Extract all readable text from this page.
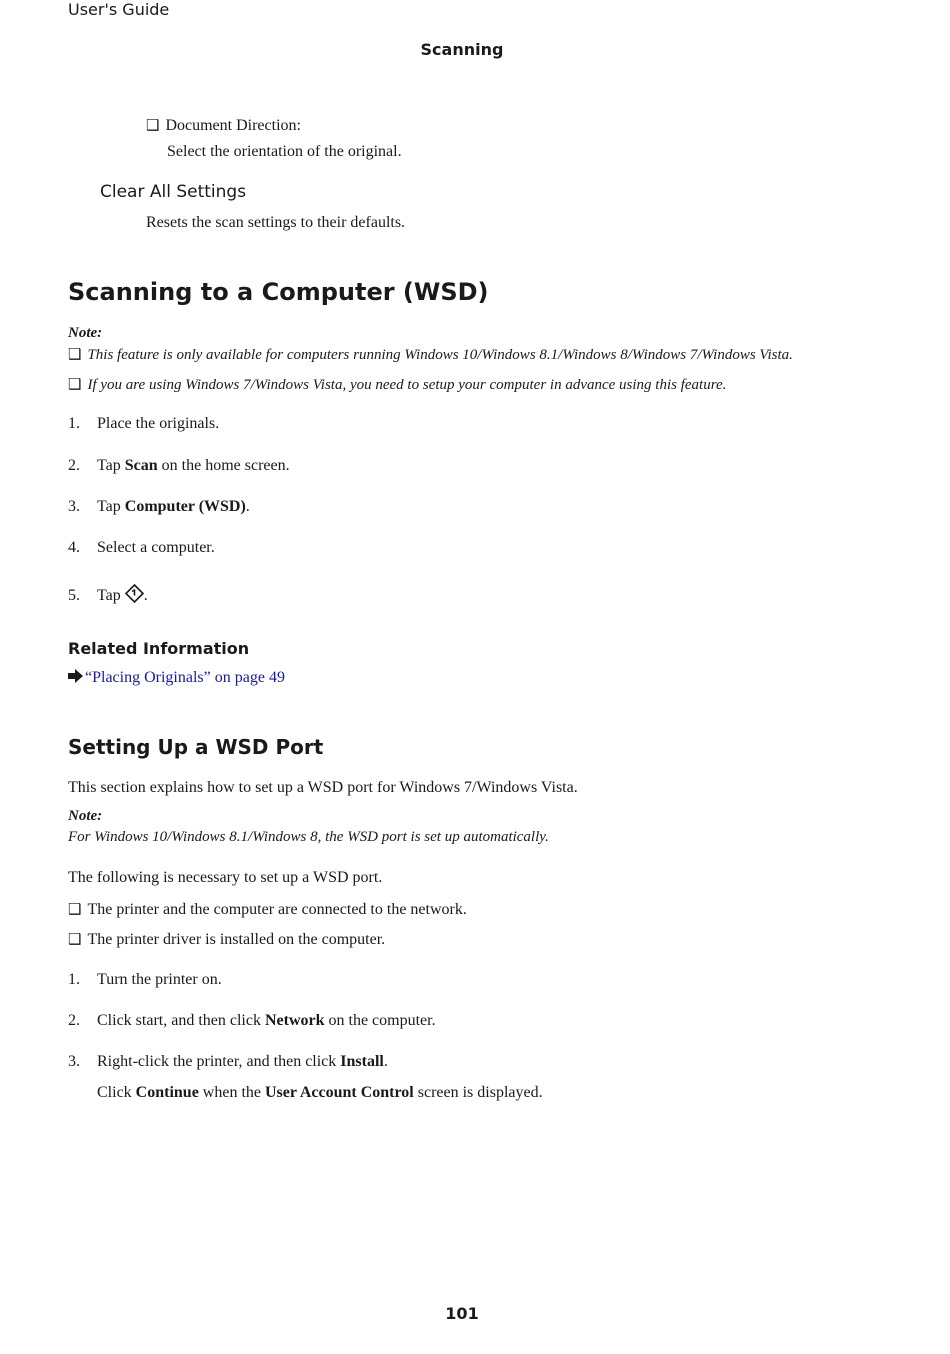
User's Guide
Scanning
❑ Document Direction:
Select the orientation of the original.
Clear All Settings
Resets the scan settings to their defaults.
Scanning to a Computer (WSD)
Note:
❑ This feature is only available for computers running Windows 10/Windows 8.1/Windows 8/Windows 7/Windows Vista.
❑ If you are using Windows 7/Windows Vista, you need to setup your computer in advance using this feature.
1. Place the originals.
2. Tap Scan on the home screen.
3. Tap Computer (WSD).
4. Select a computer.
5. Tap .
Related Information
“Placing Originals” on page 49
Setting Up a WSD Port
This section explains how to set up a WSD port for Windows 7/Windows Vista.
Note:
For Windows 10/Windows 8.1/Windows 8, the WSD port is set up automatically.
The following is necessary to set up a WSD port.
❑ The printer and the computer are connected to the network.
❑ The printer driver is installed on the computer.
1. Turn the printer on.
2. Click start, and then click Network on the computer.
3. Right-click the printer, and then click Install.
Click Continue when the User Account Control screen is displayed.
101
